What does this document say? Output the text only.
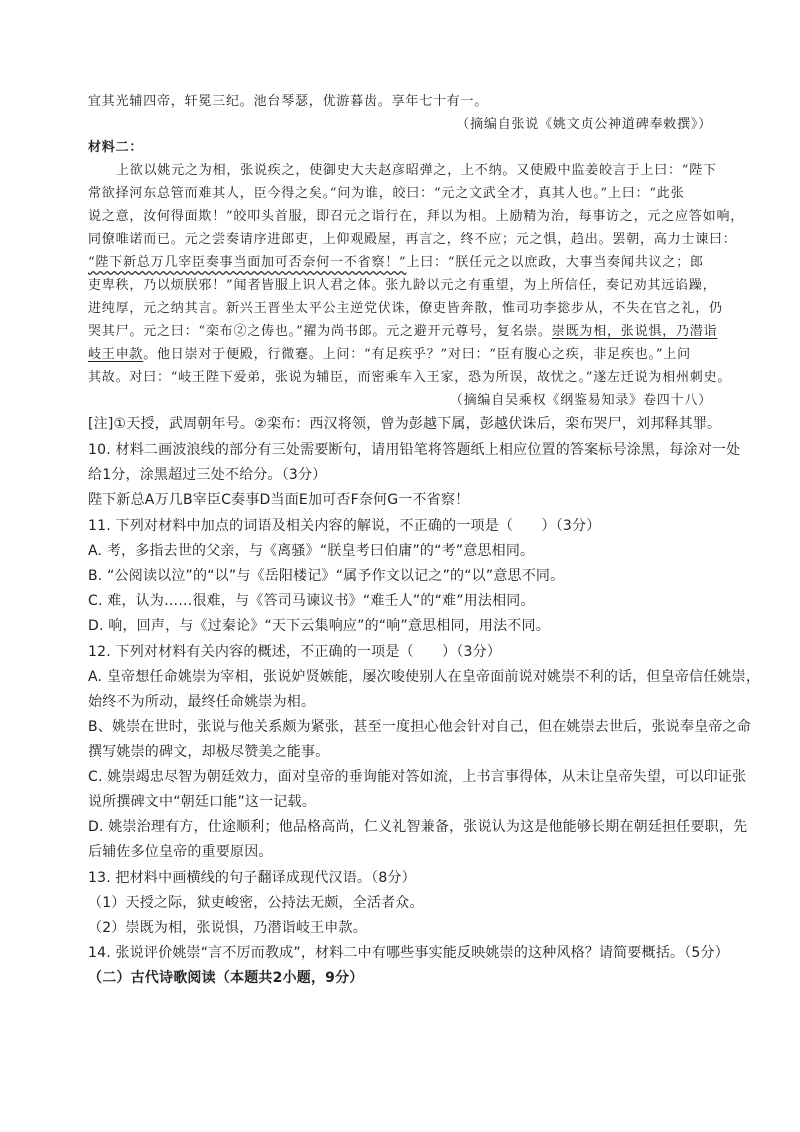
宜其光辅四帝，轩冕三纪。池台琴瑟，优游暮齿。享年七十有一。
（摘编自张说《姚文贞公神道碑奉敕撰》）
材料二：
上欲以姚元之为相，张说疾之，使御史大夫赵彦昭弹之，上不纳。又使殿中监姜皎言于上曰：“陛下
常欲择河东总管而难其人，臣今得之矣。”问为谁，皎曰：“元之文武全才，真其人也。”上曰：“此张
说之意，汝何得面欺！”皎叩头首服，即召元之诣行在，拜以为相。上励精为治，每事访之，元之应答如响，
同僚唯诺而已。元之尝奏请序进郎吏，上仰观殿屋，再言之，终不应；元之惧，趋出。罢朝，高力士谏曰：
“陛下新总万几宰臣奏事当面加可否奈何一不省察！”上曰：“朕任元之以庶政，大事当奏闻共议之；郎
吏卑秩，乃以烦朕邪！”闻者皆服上识人君之体。张九龄以元之有重望，为上所信任，奏记劝其远谄躁，
进纯厚，元之纳其言。新兴王晋坐太平公主逆党伏诛，僚吏皆奔散，惟司功李捴步从，不失在官之礼，仍
哭其尸。元之曰：“栾布②之俦也。”擢为尚书郎。元之避开元尊号，复名崇。崇既为相，张说惧，乃潜诣
岐王申款。他日崇对于便殿，行微蹇。上问：“有足疾乎？”对曰：“臣有腹心之疾，非足疾也。”上问
其故。对曰：“岐王陛下爱弟，张说为辅臣，而密乘车入王家，恐为所误，故忧之。”遂左迁说为相州刺史。
（摘编自吴乘权《纲鉴易知录》卷四十八）
[注]①天授，武周朝年号。②栾布：西汉将领，曾为彭越下属，彭越伏诛后，栾布哭尸，刘邦释其罪。
10. 材料二画波浪线的部分有三处需要断句，请用铅笔将答题纸上相应位置的答案标号涂黑，每涂对一处
给1分，涂黑超过三处不给分。（3分）
陛下新总A万几B宰臣C奏事D当面E加可否F奈何G一不省察！
11. 下列对材料中加点的词语及相关内容的解说，不正确的一项是（　　）（3分）
A. 考，多指去世的父亲，与《离骚》“朕皇考曰伯庸”的“考”意思相同。
B. “公阅读以泣”的“以”与《岳阳楼记》“属予作文以记之”的“以”意思不同。
C. 难，认为……很难，与《答司马谏议书》“难壬人”的“难”用法相同。
D. 响，回声，与《过秦论》“天下云集响应”的“响”意思相同，用法不同。
12. 下列对材料有关内容的概述，不正确的一项是（　　）（3分）
A. 皇帝想任命姚崇为宰相，张说妒贤嫉能，屡次唆使别人在皇帝面前说对姚崇不利的话，但皇帝信任姚崇，
始终不为所动，最终任命姚崇为相。
B、姚崇在世时，张说与他关系颇为紧张，甚至一度担心他会针对自己，但在姚崇去世后，张说奉皇帝之命
撰写姚崇的碑文，却极尽赞美之能事。
C. 姚崇竭忠尽智为朝廷效力，面对皇帝的垂询能对答如流，上书言事得体，从未让皇帝失望，可以印证张
说所撰碑文中“朝廷口能”这一记载。
D. 姚崇治理有方，仕途顺利；他品格高尚，仁义礼智兼备，张说认为这是他能够长期在朝廷担任要职，先
后辅佐多位皇帝的重要原因。
13. 把材料中画横线的句子翻译成现代汉语。（8分）
（1）天授之际，狱吏峻密，公持法无颇，全活者众。
（2）崇既为相，张说惧，乃潜诣岐王申款。
14. 张说评价姚崇“言不厉而教成”，材料二中有哪些事实能反映姚崇的这种风格？请简要概括。（5分）
（二）古代诗歌阅读（本题共2小题，9分）
